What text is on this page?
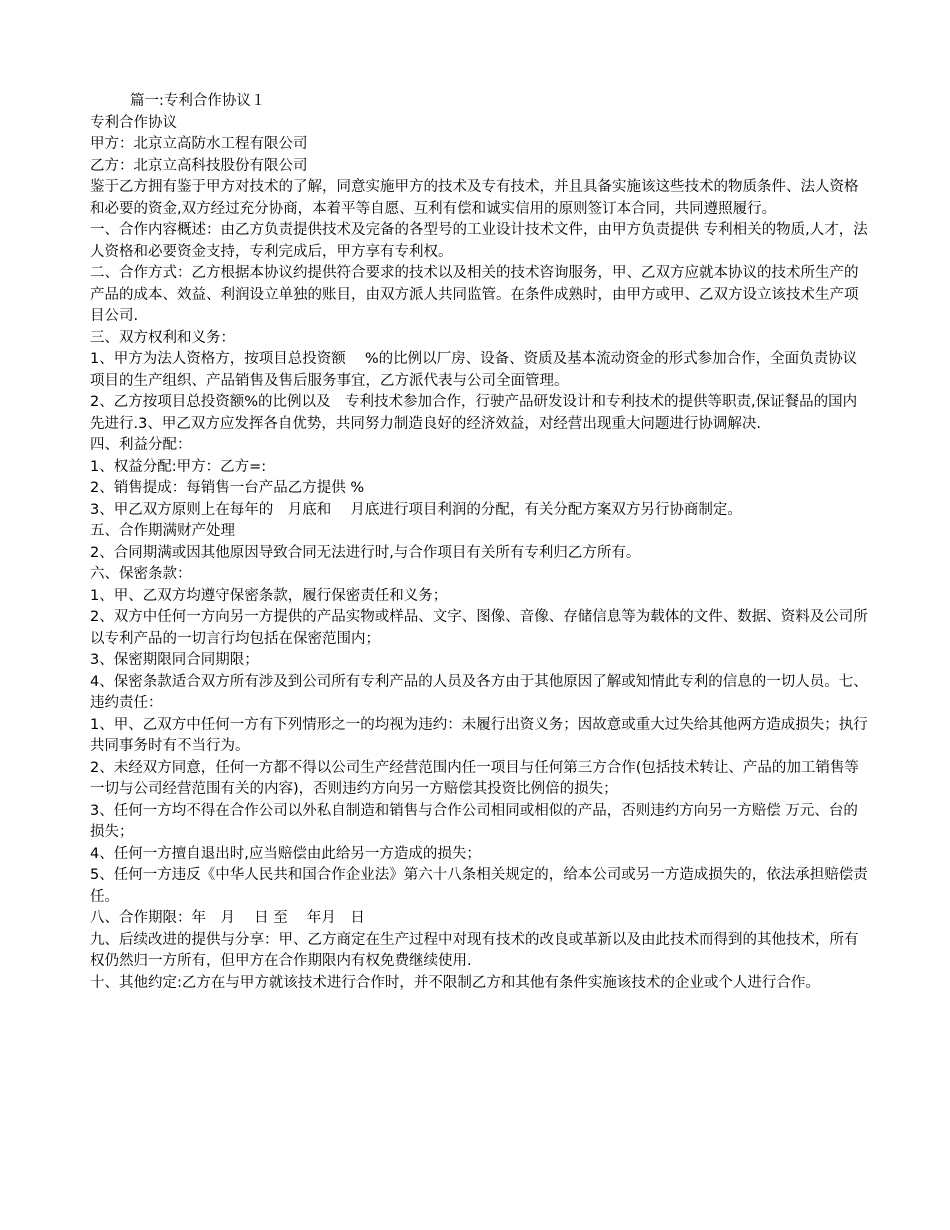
篇一:专利合作协议１

专利合作协议

甲方：北京立高防水工程有限公司

乙方：北京立高科技股份有限公司

鉴于乙方拥有鉴于甲方对技术的了解，同意实施甲方的技术及专有技术，并且具备实施该这些技术的物质条件、法人资格和必要的资金,双方经过充分协商，本着平等自愿、互利有偿和诚实信用的原则签订本合同，共同遵照履行。

一、合作内容概述：由乙方负责提供技术及完备的各型号的工业设计技术文件，由甲方负责提供 专利相关的物质,人才，法人资格和必要资金支持，专利完成后，甲方享有专利权。

二、合作方式：乙方根据本协议约提供符合要求的技术以及相关的技术咨询服务，甲、乙双方应就本协议的技术所生产的产品的成本、效益、利润设立单独的账目，由双方派人共同监管。在条件成熟时，由甲方或甲、乙双方设立该技术生产项目公司.

三、双方权利和义务：

1、甲方为法人资格方，按项目总投资额　 %的比例以厂房、设备、资质及基本流动资金的形式参加合作，全面负责协议项目的生产组织、产品销售及售后服务事宜，乙方派代表与公司全面管理。

2、乙方按项目总投资额%的比例以及　专利技术参加合作，行驶产品研发设计和专利技术的提供等职责,保证餐品的国内先进行.3、甲乙双方应发挥各自优势，共同努力制造良好的经济效益，对经营出现重大问题进行协调解决.

四、利益分配：

1、权益分配:甲方：乙方=:

2、销售提成：每销售一台产品乙方提供 %

3、甲乙双方原则上在每年的　月底和　 月底进行项目利润的分配，有关分配方案双方另行协商制定。

五、合作期满财产处理

2、合同期满或因其他原因导致合同无法进行时,与合作项目有关所有专利归乙方所有。

六、保密条款：

1、甲、乙双方均遵守保密条款，履行保密责任和义务；

2、双方中任何一方向另一方提供的产品实物或样品、文字、图像、音像、存储信息等为载体的文件、数据、资料及公司所以专利产品的一切言行均包括在保密范围内；

3、保密期限同合同期限；

4、保密条款适合双方所有涉及到公司所有专利产品的人员及各方由于其他原因了解或知情此专利的信息的一切人员。七、违约责任：

1、甲、乙双方中任何一方有下列情形之一的均视为违约：未履行出资义务；因故意或重大过失给其他两方造成损失；执行共同事务时有不当行为。

2、未经双方同意，任何一方都不得以公司生产经营范围内任一项目与任何第三方合作(包括技术转让、产品的加工销售等一切与公司经营范围有关的内容)，否则违约方向另一方赔偿其投资比例倍的损失；

3、任何一方均不得在合作公司以外私自制造和销售与合作公司相同或相似的产品，否则违约方向另一方赔偿 万元、台的损失；

4、任何一方擅自退出时,应当赔偿由此给另一方造成的损失；

5、任何一方违反《中华人民共和国合作企业法》第六十八条相关规定的，给本公司或另一方造成损失的，依法承担赔偿责任。

八、合作期限：年　月　 日 至　 年月　日

九、后续改进的提供与分享：甲、乙方商定在生产过程中对现有技术的改良或革新以及由此技术而得到的其他技术，所有权仍然归一方所有，但甲方在合作期限内有权免费继续使用.

十、其他约定:乙方在与甲方就该技术进行合作时，并不限制乙方和其他有条件实施该技术的企业或个人进行合作。
